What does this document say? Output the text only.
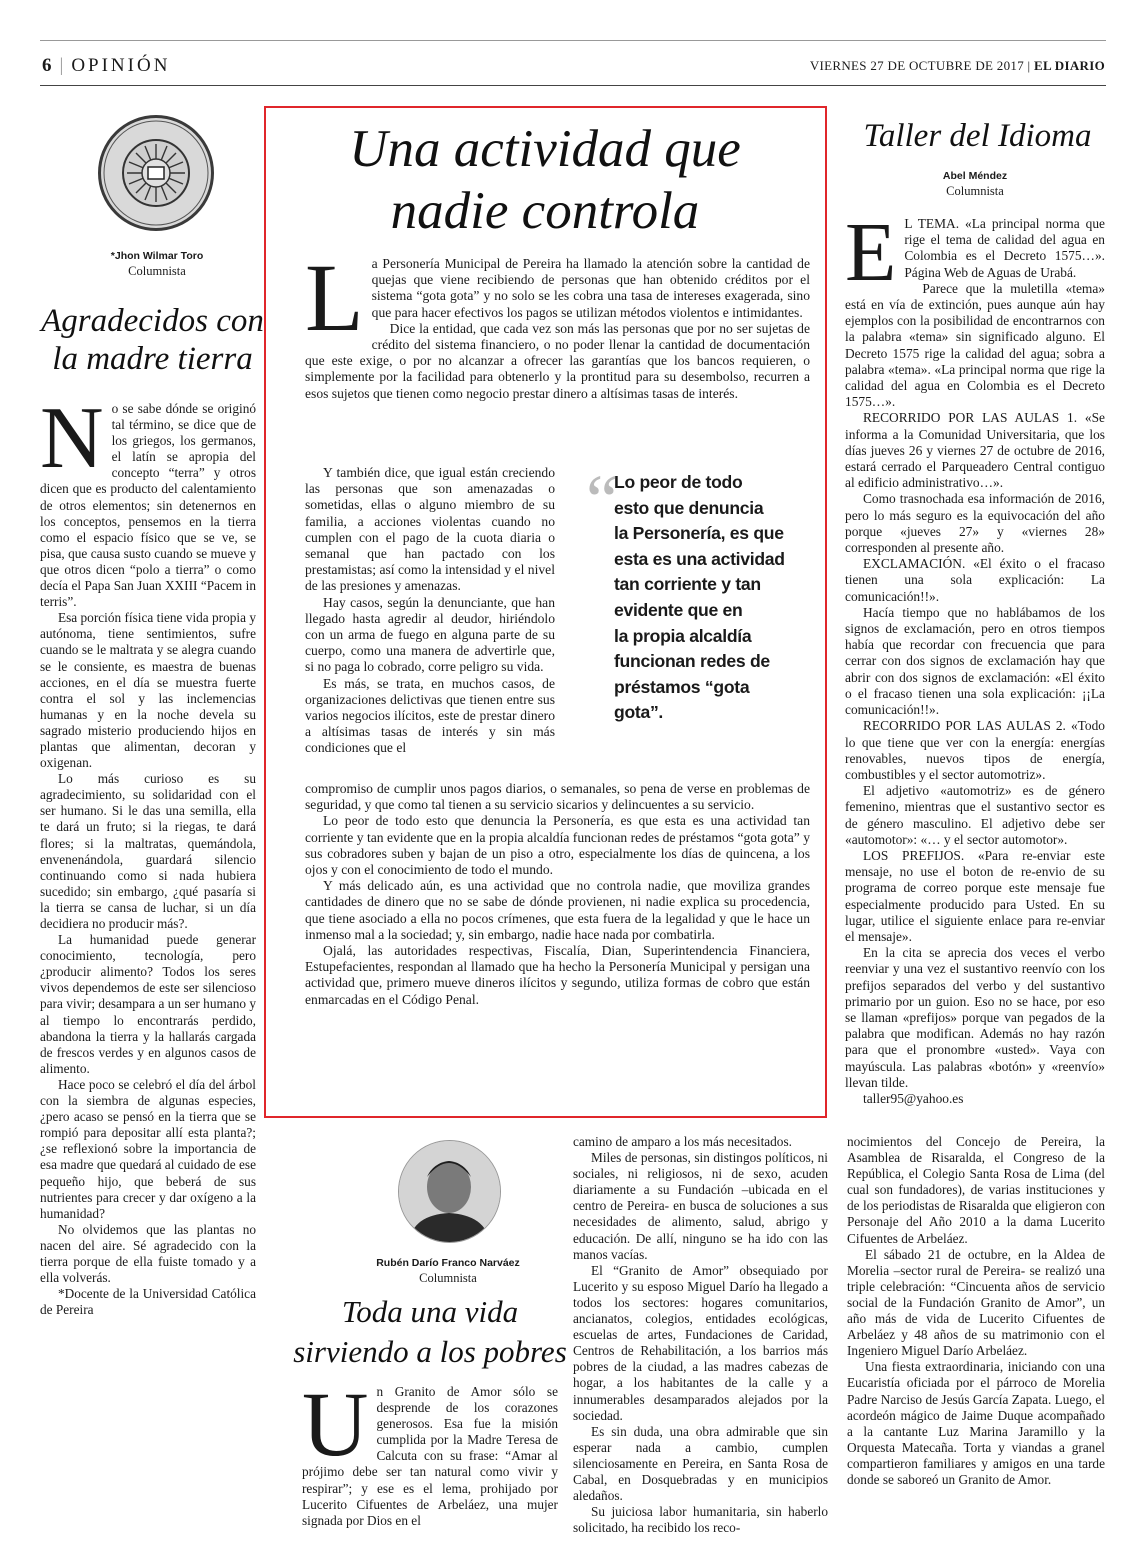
6 | OPINIÓN	VIERNES 27 DE OCTUBRE DE 2017 | EL DIARIO
*Jhon Wilmar Toro
Columnista
Agradecidos con
la madre tierra
N o se sabe dónde se originó tal término, se dice que de los griegos, los germanos, el latín se apropia del concepto “terra” y otros dicen que es producto del calentamiento de otros elementos; sin detenernos en los conceptos, pensemos en la tierra como el espacio físico que se ve, se pisa, que causa susto cuando se mueve y que otros dicen “polo a tierra” o como decía el Papa San Juan XXIII “Pacem in terris”.

Esa porción física tiene vida propia y autónoma, tiene sentimientos, sufre cuando se le maltrata y se alegra cuando se le consiente, es maestra de buenas acciones, en el día se muestra fuerte contra el sol y las inclemencias humanas y en la noche devela su sagrado misterio produciendo hijos en plantas que alimentan, decoran y oxigenan.

Lo más curioso es su agradecimiento, su solidaridad con el ser humano. Si le das una semilla, ella te dará un fruto; si la riegas, te dará flores; si la maltratas, quemándola, envenenándola, guardará silencio continuando como si nada hubiera sucedido; sin embargo, ¿qué pasaría si la tierra se cansa de luchar, si un día decidiera no producir más?.

La humanidad puede generar conocimiento, tecnología, pero ¿producir alimento? Todos los seres vivos dependemos de este ser silencioso para vivir; desampara a un ser humano y al tiempo lo encontrarás perdido, abandona la tierra y la hallarás cargada de frescos verdes y en algunos casos de alimento.

Hace poco se celebró el día del árbol con la siembra de algunas especies, ¿pero acaso se pensó en la tierra que se rompió para depositar allí esta planta?; ¿se reflexionó sobre la importancia de esa madre que quedará al cuidado de ese pequeño hijo, que beberá de sus nutrientes para crecer y dar oxígeno a la humanidad?

No olvidemos que las plantas no nacen del aire. Sé agradecido con la tierra porque de ella fuiste tomado y a ella volverás.

*Docente de la Universidad Católica de Pereira

Una actividad que
nadie controla
L a Personería Municipal de Pereira ha llamado la atención sobre la cantidad de quejas que viene recibiendo de personas que han obtenido créditos por el sistema “gota gota” y no solo se les cobra una tasa de intereses exagerada, sino que para hacer efectivos los pagos se utilizan métodos violentos e intimidantes.

Dice la entidad, que cada vez son más las personas que por no ser sujetas de crédito del sistema financiero, o no poder llenar la cantidad de documentación que este exige, o por no alcanzar a ofrecer las garantías que los bancos requieren, o simplemente por la facilidad para obtenerlo y la prontitud para su desembolso, recurren a esos sujetos que tienen como negocio prestar dinero a altísimas tasas de interés.

Y también dice, que igual están creciendo las personas que son amenazadas o sometidas, ellas o alguno miembro de su familia, a acciones violentas cuando no cumplen con el pago de la cuota diaria o semanal que han pactado con los prestamistas; así como la intensidad y el nivel de las presiones y amenazas.

Hay casos, según la denunciante, que han llegado hasta agredir al deudor, hiriéndolo con un arma de fuego en alguna parte de su cuerpo, como una manera de advertirle que, si no paga lo cobrado, corre peligro su vida.

Es más, se trata, en muchos casos, de organizaciones delictivas que tienen entre sus varios negocios ilícitos, este de prestar dinero a altísimas tasas de interés y sin más condiciones que el

“
Lo peor de todo
esto que denuncia
la Personería, es que
esta es una actividad
tan corriente y tan
evidente que en
la propia alcaldía
funcionan redes de
préstamos “gota
gota”.

compromiso de cumplir unos pagos diarios, o semanales, so pena de verse en problemas de seguridad, y que como tal tienen a su servicio sicarios y delincuentes a su servicio.

Lo peor de todo esto que denuncia la Personería, es que esta es una actividad tan corriente y tan evidente que en la propia alcaldía funcionan redes de préstamos “gota gota” y sus cobradores suben y bajan de un piso a otro, especialmente los días de quincena, a los ojos y con el conocimiento de todo el mundo.

Y más delicado aún, es una actividad que no controla nadie, que moviliza grandes cantidades de dinero que no se sabe de dónde provienen, ni nadie explica su procedencia, que tiene asociado a ella no pocos crímenes, que esta fuera de la legalidad y que le hace un inmenso mal a la sociedad; y, sin embargo, nadie hace nada por combatirla.

Ojalá, las autoridades respectivas, Fiscalía, Dian, Superintendencia Financiera, Estupefacientes, respondan al llamado que ha hecho la Personería Municipal y persigan una actividad que, primero mueve dineros ilícitos y segundo, utiliza formas de cobro que están enmarcadas en el Código Penal.

Taller del Idioma
Abel Méndez
Columnista
E L TEMA. «La principal norma que rige el tema de calidad del agua en Colombia es el Decreto 1575…». Página Web de Aguas de Urabá.

Parece que la muletilla «tema» está en vía de extinción, pues aunque aún hay ejemplos con la posibilidad de encontrarnos con la palabra «tema» sin significado alguno. El Decreto 1575 rige la calidad del agua; sobra a palabra «tema». «La principal norma que rige la calidad del agua en Colombia es el Decreto 1575…».

RECORRIDO POR LAS AULAS 1. «Se informa a la Comunidad Universitaria, que los días jueves 26 y viernes 27 de octubre de 2016, estará cerrado el Parqueadero Central contiguo al edificio administrativo…».

Como trasnochada esa información de 2016, pero lo más seguro es la equivocación del año porque «jueves 27» y «viernes 28» corresponden al presente año.

EXCLAMACIÓN. «El éxito o el fracaso tienen una sola explicación: La comunicación!!».

Hacía tiempo que no hablábamos de los signos de exclamación, pero en otros tiempos había que recordar con frecuencia que para cerrar con dos signos de exclamación hay que abrir con dos signos de exclamación: «El éxito o el fracaso tienen una sola explicación: ¡¡La comunicación!!».

RECORRIDO POR LAS AULAS 2. «Todo lo que tiene que ver con la energía: energías renovables, nuevos tipos de energía, combustibles y el sector automotriz».

El adjetivo «automotriz» es de género femenino, mientras que el sustantivo sector es de género masculino. El adjetivo debe ser «automotor»: «… y el sector automotor».

LOS PREFIJOS. «Para re-enviar este mensaje, no use el boton de re-envio de su programa de correo porque este mensaje fue especialmente producido para Usted. En su lugar, utilice el siguiente enlace para re-enviar el mensaje».

En la cita se aprecia dos veces el verbo reenviar y una vez el sustantivo reenvío con los prefijos separados del verbo y del sustantivo primario por un guion. Eso no se hace, por eso se llaman «prefijos» porque van pegados de la palabra que modifican. Además no hay razón para que el pronombre «usted». Vaya con mayúscula. Las palabras «botón» y «reenvío» llevan tilde.

taller95@yahoo.es

Rubén Darío Franco Narváez
Columnista
Toda una vida
sirviendo a los pobres
U n Granito de Amor sólo se desprende de los corazones generosos. Esa fue la misión cumplida por la Madre Teresa de Calcuta con su frase: “Amar al prójimo debe ser tan natural como vivir y respirar”; y ese es el lema, prohijado por Lucerito Cifuentes de Arbeláez, una mujer signada por Dios en el

camino de amparo a los más necesitados.

Miles de personas, sin distingos políticos, ni sociales, ni religiosos, ni de sexo, acuden diariamente a su Fundación –ubicada en el centro de Pereira- en busca de soluciones a sus necesidades de alimento, salud, abrigo y educación. De allí, ninguno se ha ido con las manos vacías.

El “Granito de Amor” obsequiado por Lucerito y su esposo Miguel Darío ha llegado a todos los sectores: hogares comunitarios, ancianatos, colegios, entidades ecológicas, escuelas de artes, Fundaciones de Caridad, Centros de Rehabilitación, a los barrios más pobres de la ciudad, a las madres cabezas de hogar, a los habitantes de la calle y a innumerables desamparados alejados por la sociedad.

Es sin duda, una obra admirable que sin esperar nada a cambio, cumplen silenciosamente en Pereira, en Santa Rosa de Cabal, en Dosquebradas y en municipios aledaños.

Su juiciosa labor humanitaria, sin haberlo solicitado, ha recibido los reco-

nocimientos del Concejo de Pereira, la Asamblea de Risaralda, el Congreso de la República, el Colegio Santa Rosa de Lima (del cual son fundadores), de varias instituciones y de los periodistas de Risaralda que eligieron con Personaje del Año 2010 a la dama Lucerito Cifuentes de Arbeláez.

El sábado 21 de octubre, en la Aldea de Morelia –sector rural de Pereira- se realizó una triple celebración: “Cincuenta años de servicio social de la Fundación Granito de Amor”, un año más de vida de Lucerito Cifuentes de Arbeláez y 48 años de su matrimonio con el Ingeniero Miguel Darío Arbeláez.

Una fiesta extraordinaria, iniciando con una Eucaristía oficiada por el párroco de Morelia Padre Narciso de Jesús García Zapata. Luego, el acordeón mágico de Jaime Duque acompañado a la cantante Luz Marina Jaramillo y la Orquesta Matecaña. Torta y viandas a granel compartieron familiares y amigos en una tarde donde se saboreó un Granito de Amor.
